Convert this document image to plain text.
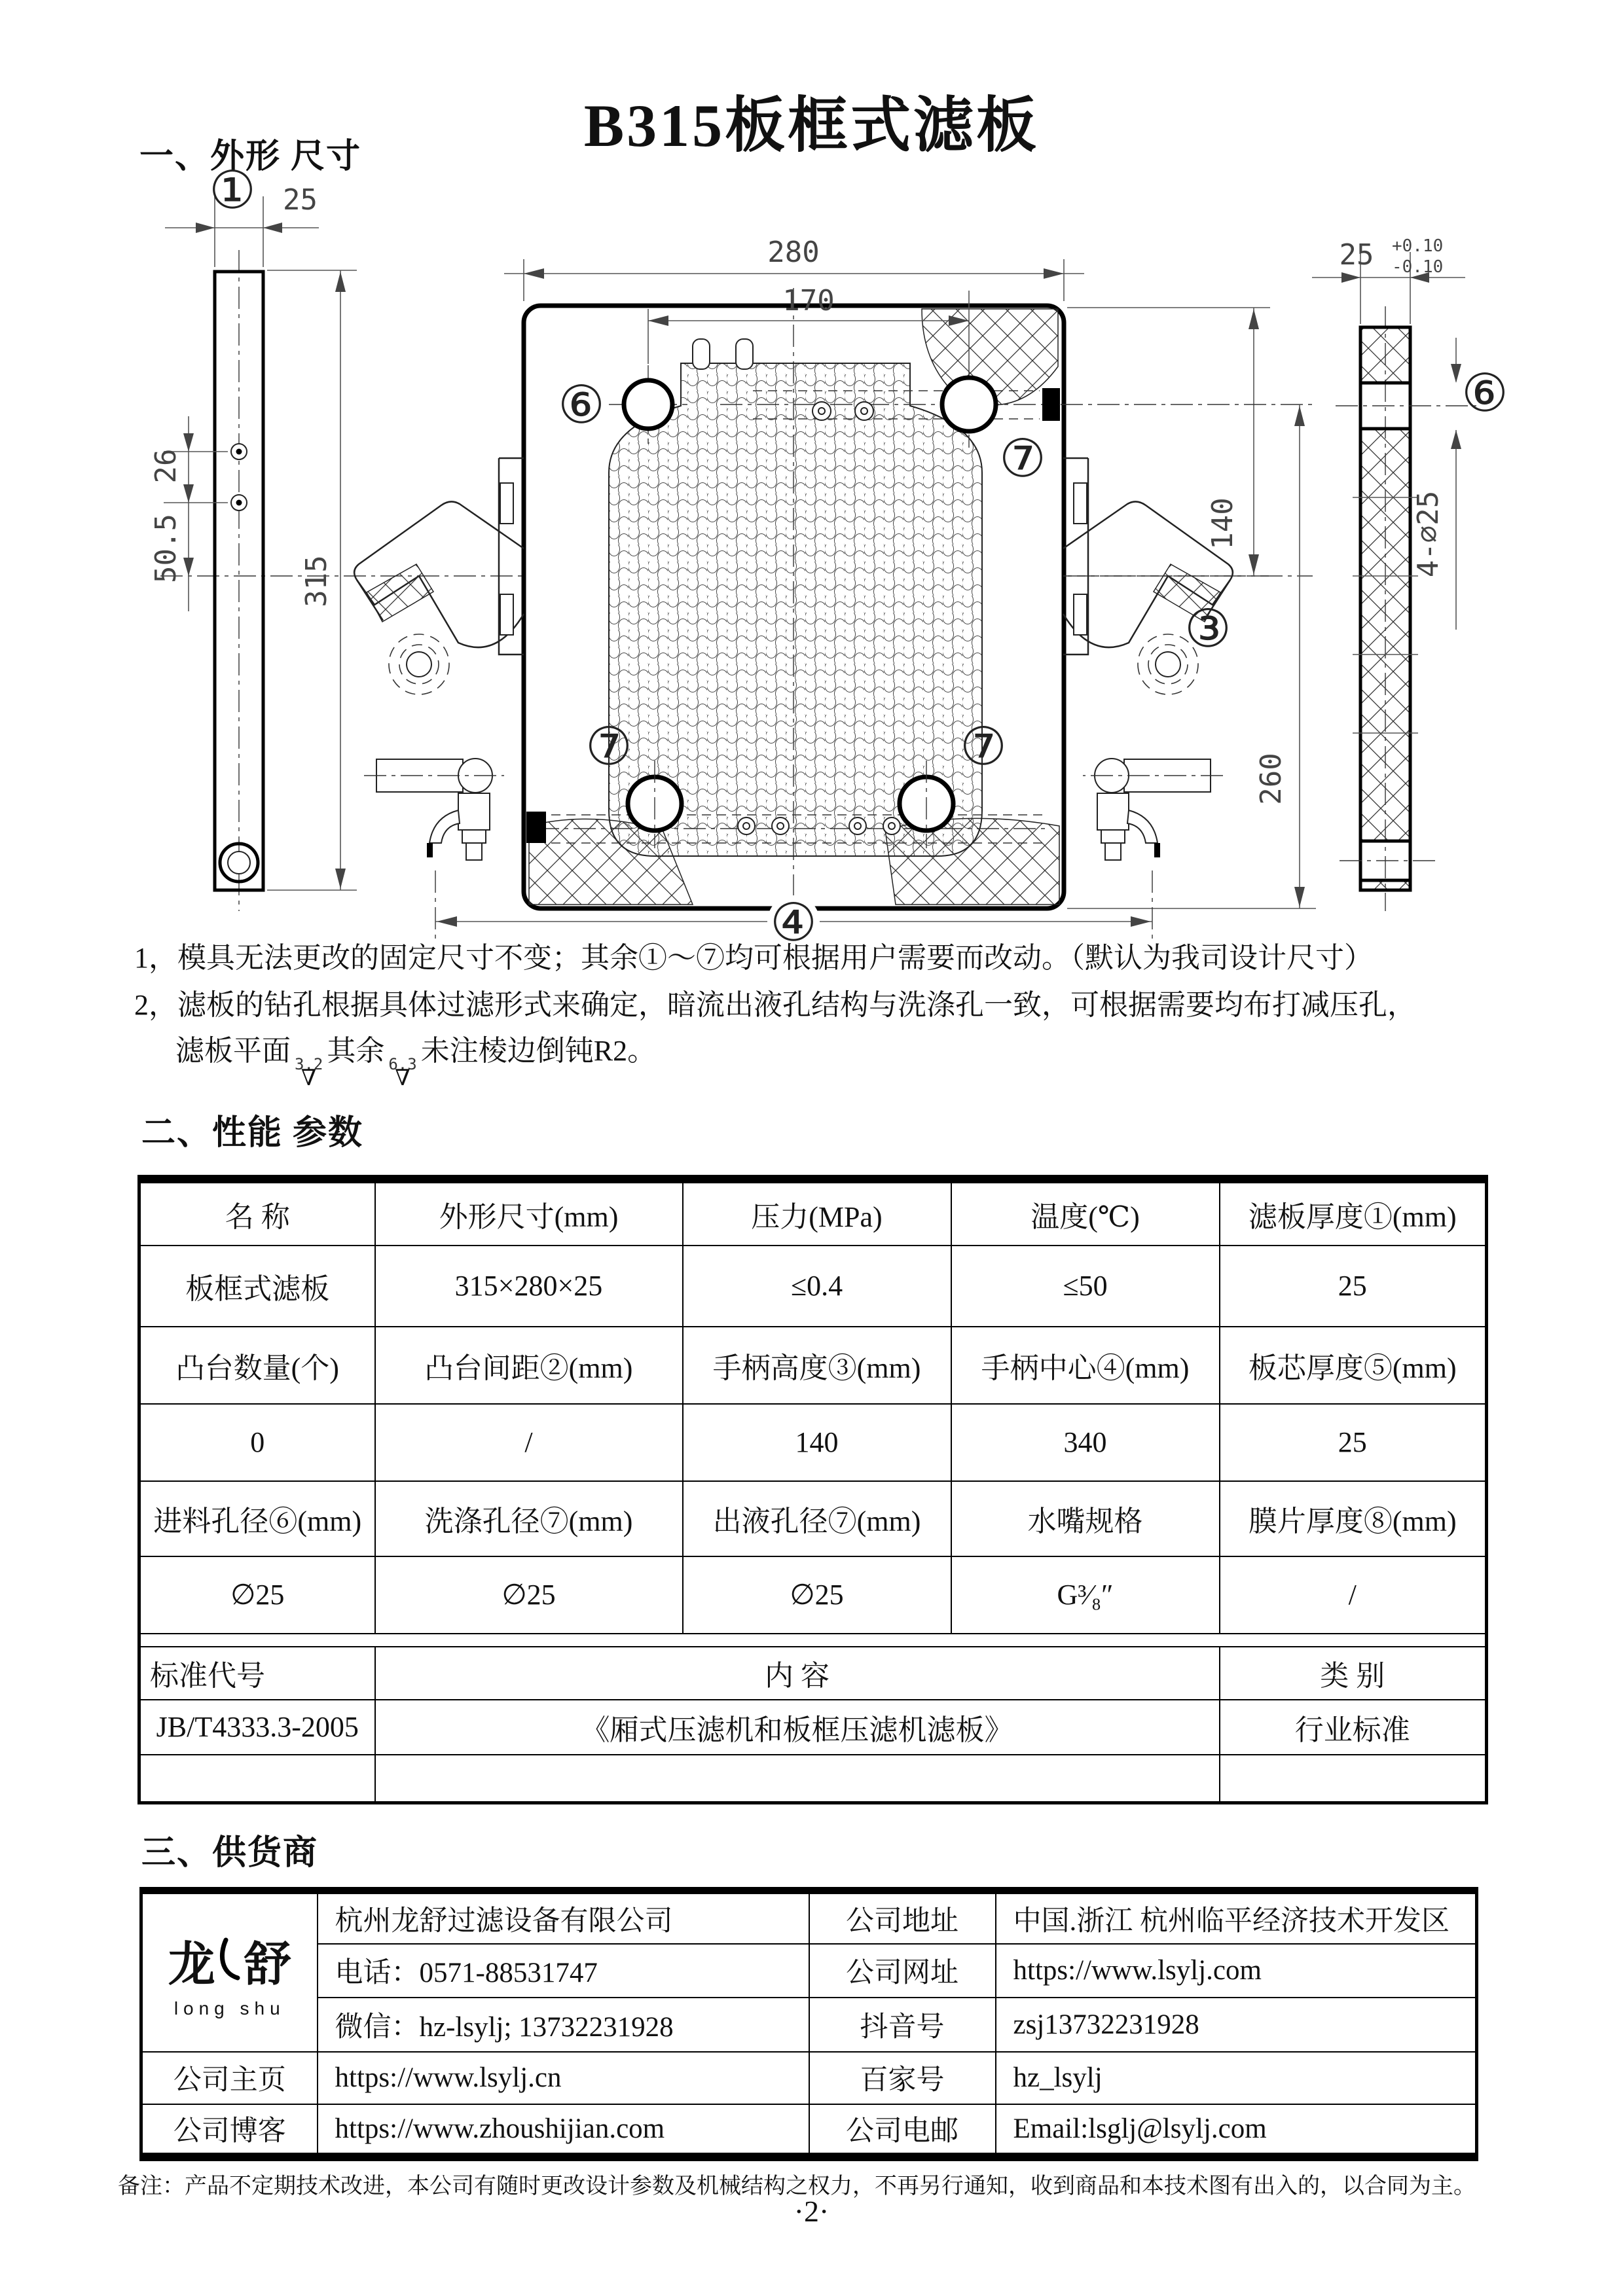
B315板框式滤板
一、外形 尺寸
① 25
26
50.5	315
⑥
⑦
⑦	⑦
280
170
140
③
260
④
25 +0.10
-0.10
⑥
4-∅25
1，模具无法更改的固定尺寸不变；其余①～⑦均可根据用户需要而改动。（默认为我司设计尺寸）
2，滤板的钻孔根据具体过滤形式来确定，暗流出液孔结构与洗涤孔一致，可根据需要均布打减压孔，
滤板平面 3.2
∇
其余 6.3
∇
未注棱边倒钝R2。
二、性能 参数
名 称	外形尺寸(mm)	压力(MPa)	温度(℃)	滤板厚度①(mm)
板框式滤板	315×280×25	≤0.4	≤50	25
凸台数量(个)	凸台间距②(mm)	手柄高度③(mm)	手柄中心④(mm)	板芯厚度⑤(mm)
0	/	140	340	25
进料孔径⑥(mm)	洗涤孔径⑦(mm)	出液孔径⑦(mm)	水嘴规格	膜片厚度⑧(mm)
∅25	∅25	∅25	G³⁄₈″	/

标准代号	内 容			类 别
JB/T4333.3-2005	《厢式压滤机和板框压滤机滤板》			行业标准

三、供货商
龙 舒
long shu	杭州龙舒过滤设备有限公司	公司地址	中国.浙江 杭州临平经济技术开发区
	电话：0571-88531747	公司网址	https://www.lsylj.com
	微信：hz-lsylj; 13732231928	抖音号	zsj13732231928
公司主页	https://www.lsylj.cn	百家号	hz_lsylj
公司博客	https://www.zhoushijian.com	公司电邮	Email:lsglj@lsylj.com
备注：产品不定期技术改进，本公司有随时更改设计参数及机械结构之权力，不再另行通知，收到商品和本技术图有出入的，以合同为主。
·2·
